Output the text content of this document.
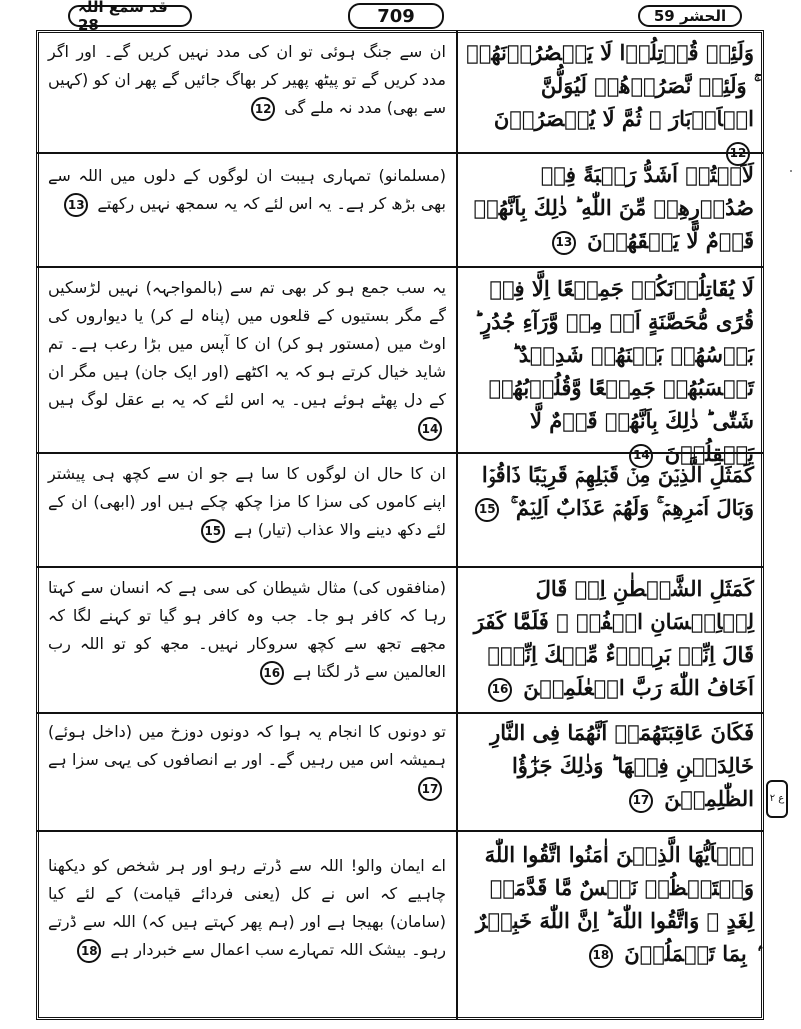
قد سمع اللہ 28	709	الحشر 59
وَلَئِنۡ قُوۡتِلُوۡا لَا يَنۡصُرُوۡنَهُمۡ ۚ وَلَئِنۡ نَّصَرُوۡهُمۡ لَيُوَلُّنَّ الۡاَدۡبَارَ ۙ ثُمَّ لَا يُنۡصَرُوۡنَ 12
ان سے جنگ ہوئی تو ان کی مدد نہیں کریں گے۔ اور اگر مدد کریں گے تو پیٹھ پھیر کر بھاگ جائیں گے پھر ان کو (کہیں سے بھی) مدد نہ ملے گی 12
لَاَنۡتُمۡ اَشَدُّ رَهۡبَةً فِىۡ صُدُوۡرِهِمۡ مِّنَ اللّٰهِ ؕ ذٰلِكَ بِاَنَّهُمۡ قَوۡمٌ لَّا يَفۡقَهُوۡنَ 13
(مسلمانو) تمہاری ہیبت ان لوگوں کے دلوں میں اللہ سے بھی بڑھ کر ہے۔ یہ اس لئے کہ یہ سمجھ نہیں رکھتے 13
لَا يُقَاتِلُوۡنَكُمۡ جَمِيۡعًا اِلَّا فِىۡ قُرًى مُّحَصَّنَةٍ اَوۡ مِنۡ وَّرَآءِ جُدُرٍ ؕ بَاۡسُهُمۡ بَيۡنَهُمۡ شَدِيۡدٌ ؕ تَحۡسَبُهُمۡ جَمِيۡعًا وَّقُلُوۡبُهُمۡ شَتّٰى ؕ ذٰلِكَ بِاَنَّهُمۡ قَوۡمٌ لَّا يَعۡقِلُوۡنَ 14
یہ سب جمع ہو کر بھی تم سے (بالمواجہہ) نہیں لڑسکیں گے مگر بستیوں کے قلعوں میں (پناہ لے کر) یا دیواروں کی اوٹ میں (مستور ہو کر) ان کا آپس میں بڑا رعب ہے۔ تم شاید خیال کرتے ہو کہ یہ اکٹھے (اور ایک جان) ہیں مگر ان کے دل پھٹے ہوئے ہیں۔ یہ اس لئے کہ یہ بے عقل لوگ ہیں 14
كَمَثَلِ الَّذِيۡنَ مِنۡ قَبۡلِهِمۡ قَرِيۡبًا ذَاقُوۡا وَبَالَ اَمۡرِهِمۡ ۚ وَلَهُمۡ عَذَابٌ اَلِيۡمٌ ۚ 15
ان کا حال ان لوگوں کا سا ہے جو ان سے کچھ ہی پیشتر اپنے کاموں کی سزا کا مزا چکھ چکے ہیں اور (ابھی) ان کے لئے دکھ دینے والا عذاب (تیار) ہے 15
كَمَثَلِ الشَّيۡطٰنِ اِذۡ قَالَ لِلۡاِنۡسَانِ اكۡفُرۡ ۚ فَلَمَّا كَفَرَ قَالَ اِنِّىۡ بَرِىۡٓءٌ مِّنۡكَ اِنِّىۡۤ اَخَافُ اللّٰهَ رَبَّ الۡعٰلَمِيۡنَ 16
(منافقوں کی) مثال شیطان کی سی ہے کہ انسان سے کہتا رہا کہ کافر ہو جا۔ جب وہ کافر ہو گیا تو کہنے لگا کہ مجھے تجھ سے کچھ سروکار نہیں۔ مجھ کو تو اللہ رب العالمین سے ڈر لگتا ہے 16
فَكَانَ عَاقِبَتَهُمَاۤ اَنَّهُمَا فِى النَّارِ خَالِدَيۡنِ فِيۡهَا ؕ وَذٰلِكَ جَزٰٓؤُا الظّٰلِمِيۡنَ 17
تو دونوں کا انجام یہ ہوا کہ دونوں دوزخ میں (داخل ہوئے) ہمیشہ اس میں رہیں گے۔ اور بے انصافوں کی یہی سزا ہے 17
يٰۤاَيُّهَا الَّذِيۡنَ اٰمَنُوا اتَّقُوا اللّٰهَ وَلۡتَنۡظُرۡ نَفۡسٌ مَّا قَدَّمَتۡ لِغَدٍ ۚ وَاتَّقُوا اللّٰهَ ؕ اِنَّ اللّٰهَ خَبِيۡرٌ ۢ بِمَا تَعۡمَلُوۡنَ 18
اے ایمان والو! اللہ سے ڈرتے رہو اور ہر شخص کو دیکھنا چاہیے کہ اس نے کل (یعنی فردائے قیامت) کے لئے کیا (سامان) بھیجا ہے اور (ہم پھر کہتے ہیں کہ) اللہ سے ڈرتے رہو۔ بیشک اللہ تمہارے سب اعمال سے خبردار ہے 18
ع ۲
